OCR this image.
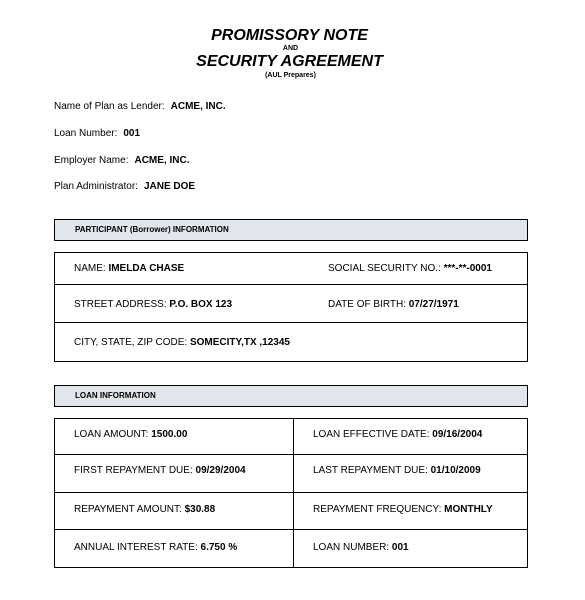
PROMISSORY NOTE
AND
SECURITY AGREEMENT
(AUL Prepares)
Name of Plan as Lender: ACME, INC.
Loan Number: 001
Employer Name: ACME, INC.
Plan Administrator: JANE DOE
PARTICIPANT (Borrower) INFORMATION
NAME: IMELDA CHASE	SOCIAL SECURITY NO.: ***-**-0001
STREET ADDRESS: P.O. BOX 123	DATE OF BIRTH: 07/27/1971
CITY, STATE, ZIP CODE: SOMECITY,TX ,12345
LOAN INFORMATION
LOAN AMOUNT: 1500.00	LOAN EFFECTIVE DATE: 09/16/2004
FIRST REPAYMENT DUE: 09/29/2004	LAST REPAYMENT DUE: 01/10/2009
REPAYMENT AMOUNT: $30.88	REPAYMENT FREQUENCY: MONTHLY
ANNUAL INTEREST RATE: 6.750 %	LOAN NUMBER: 001
